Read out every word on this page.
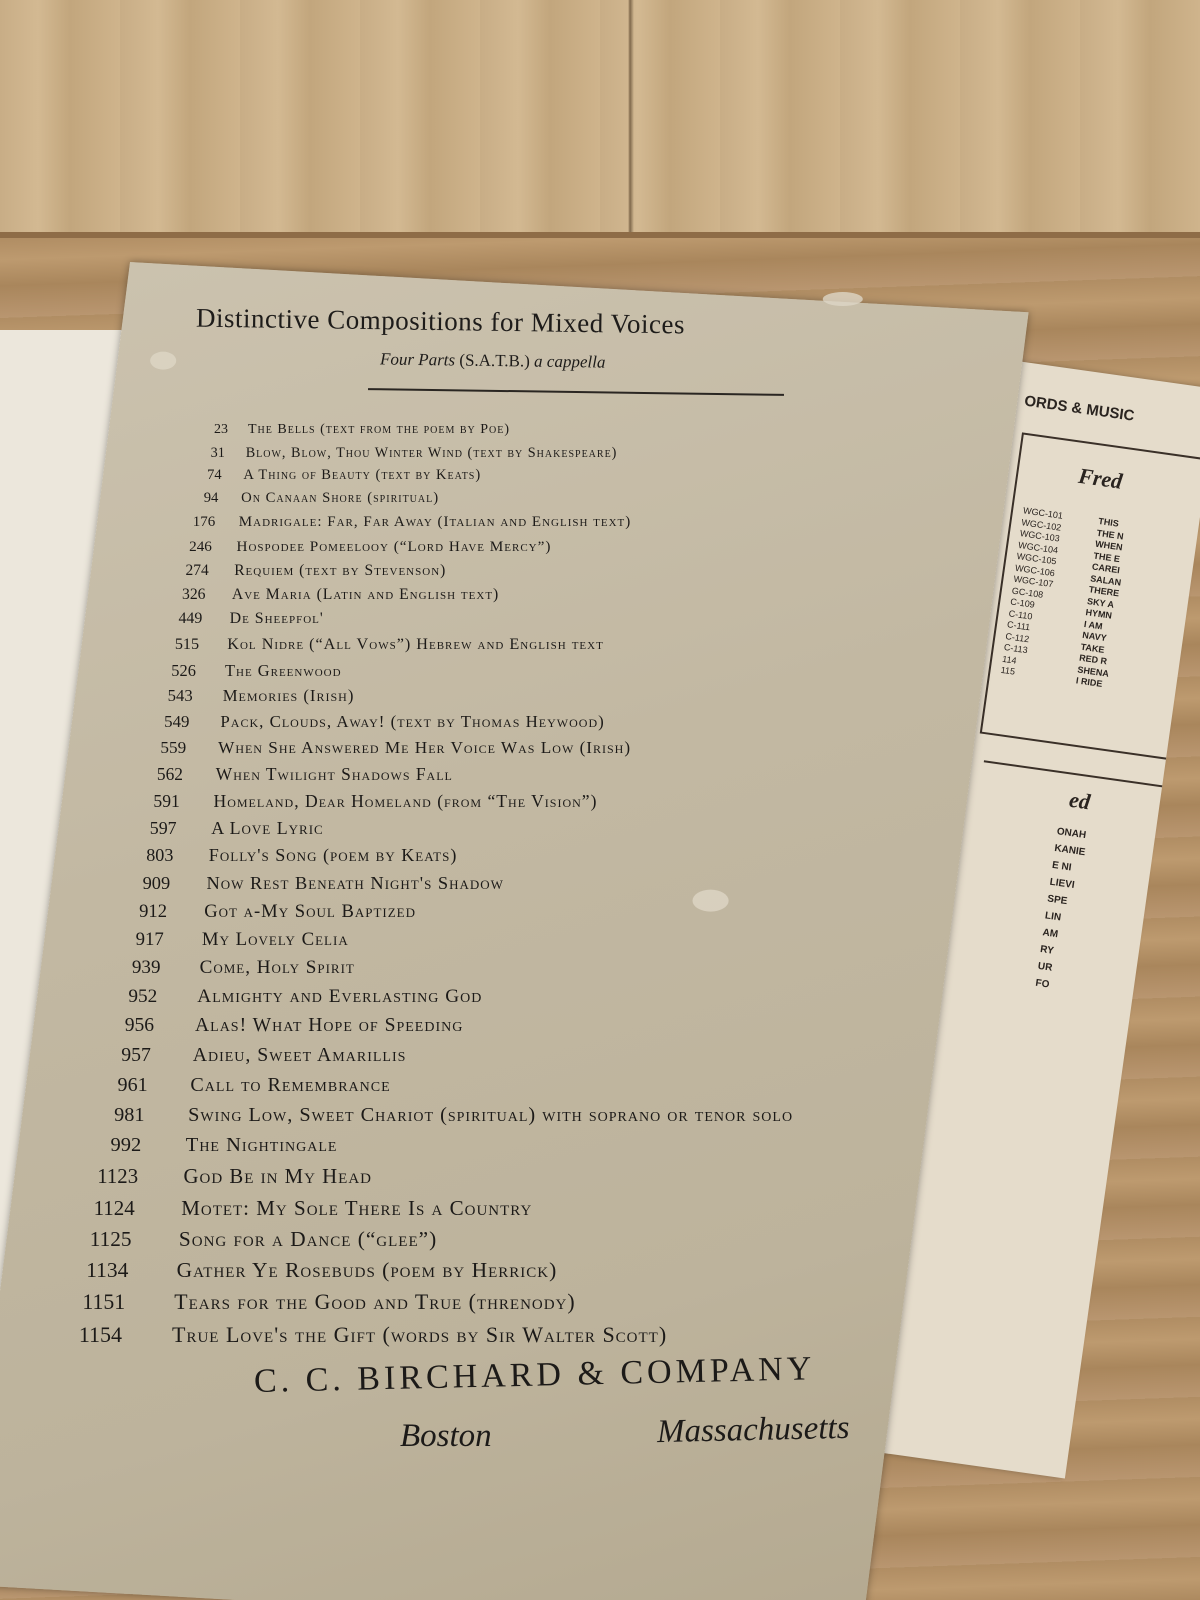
ORDS & MUSIC
Fred
WGC-101
WGC-102
WGC-103
WGC-104
WGC-105
WGC-106
WGC-107
GC-108
C-109
C-110
C-111
C-112
C-113
114
115
THIS
THE N
WHEN
THE E
CAREI
SALAN
THERE
SKY A
HYMN
I AM
NAVY
TAKE
RED R
SHENA
I RIDE
ed
ONAH
KANIE
E NI
LIEVI
SPE
LIN
AM
RY
UR
FO
Distinctive Compositions for Mixed Voices
Four Parts (S.A.T.B.) a cappella
23 The Bells (text from the poem by Poe)
31 Blow, Blow, Thou Winter Wind (text by Shakespeare)
74 A Thing of Beauty (text by Keats)
94 On Canaan Shore (spiritual)
176 Madrigale: Far, Far Away (Italian and English text)
246 Hospodee Pomeelooy (“Lord Have Mercy”)
274 Requiem (text by Stevenson)
326 Ave Maria (Latin and English text)
449 De Sheepfol'
515 Kol Nidre (“All Vows”) Hebrew and English text
526 The Greenwood
543 Memories (Irish)
549 Pack, Clouds, Away! (text by Thomas Heywood)
559 When She Answered Me Her Voice Was Low (Irish)
562 When Twilight Shadows Fall
591 Homeland, Dear Homeland (from “The Vision”)
597 A Love Lyric
803 Folly's Song (poem by Keats)
909 Now Rest Beneath Night's Shadow
912 Got a-My Soul Baptized
917 My Lovely Celia
939 Come, Holy Spirit
952 Almighty and Everlasting God
956 Alas! What Hope of Speeding
957 Adieu, Sweet Amarillis
961 Call to Remembrance
981 Swing Low, Sweet Chariot (spiritual) with soprano or tenor solo
992 The Nightingale
1123 God Be in My Head
1124 Motet: My Sole There Is a Country
1125 Song for a Dance (“glee”)
1134 Gather Ye Rosebuds (poem by Herrick)
1151 Tears for the Good and True (threnody)
1154 True Love's the Gift (words by Sir Walter Scott)
C. C. BIRCHARD & COMPANY
Boston	Massachusetts
